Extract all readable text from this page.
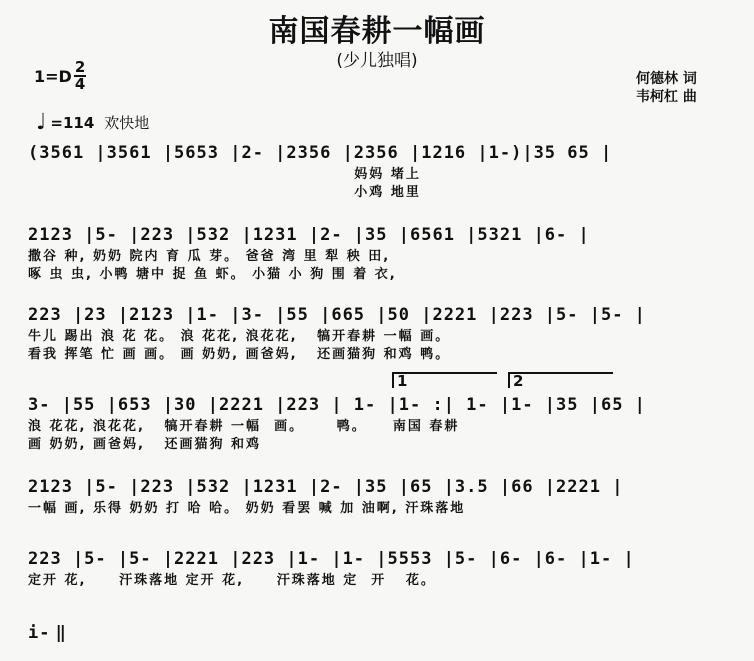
南国春耕一幅画
(少儿独唱)
$1=D \frac{2}{4}$	何德林 词
韦柯杠 曲
♩ =114 欢快地
(3561 |3561 |5653 |2- |2356 |2356 |1216 |1-)|35 65 |
妈妈 堵上
小鸡 地里
2123 |5- |223 |532 |1231 |2- |35 |6561 |5321 |6- |
撒谷 种, 奶奶 院内 育 瓜 芽。 爸爸 湾 里 犁 秧 田,
啄 虫 虫, 小鸭 塘中 捉 鱼 虾。 小猫 小 狗 围 着 衣,
223 |23 |2123 |1- |3- |55 |665 |50 |2221 |223 |5- |5- |
牛儿 踢出 浪 花 花。 浪 花花, 浪花花,   犒开春耕 一幅 画。
看我 挥笔 忙 画 画。 画 奶奶, 画爸妈,   还画猫狗 和鸡 鸭。
1	2
3- |55 |653 |30 |2221 |223 | 1- |1- :| 1- |1- |35 |65 |
浪 花花, 浪花花,   犒开春耕 一幅  画。     鸭。    南国 春耕
画 奶奶, 画爸妈,   还画猫狗 和鸡
2123 |5- |223 |532 |1231 |2- |35 |65 |3.5 |66 |2221 |
一幅 画, 乐得 奶奶 打 哈 哈。 奶奶 看罢 喊 加 油啊, 汗珠落地
223 |5- |5- |2221 |223 |1- |1- |5553 |5- |6- |6- |1- |
定开 花,     汗珠落地 定开 花,     汗珠落地 定  开   花。
i- ‖
